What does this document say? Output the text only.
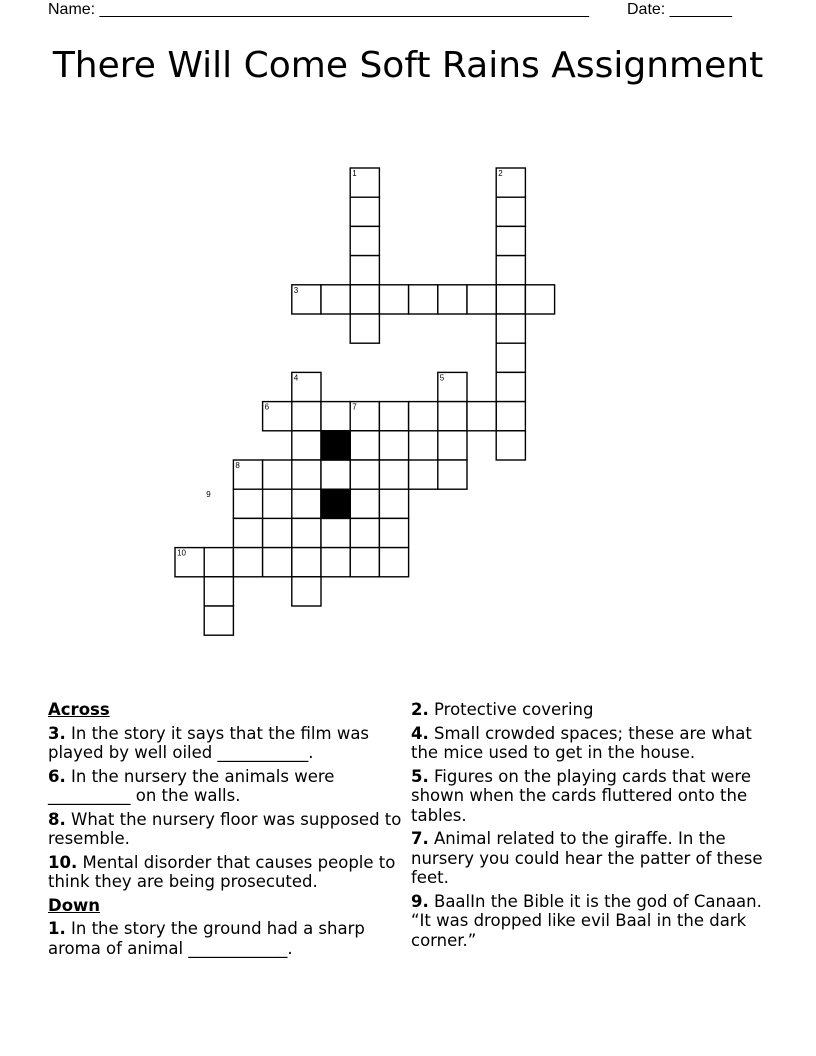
Name: _______________________________________________________ Date: _______
There Will Come Soft Rains Assignment
1	2
3
4	5
6	7
8
9
10
Across
3. In the story it says that the film was played by well oiled ___________.
6. In the nursery the animals were __________ on the walls.
8. What the nursery floor was supposed to resemble.
10. Mental disorder that causes people to think they are being prosecuted.
Down
1. In the story the ground had a sharp aroma of animal ____________.
2. Protective covering
4. Small crowded spaces; these are what the mice used to get in the house.
5. Figures on the playing cards that were shown when the cards fluttered onto the tables.
7. Animal related to the giraffe. In the nursery you could hear the patter of these feet.
9. BaalIn the Bible it is the god of Canaan. “It was dropped like evil Baal in the dark corner.”
